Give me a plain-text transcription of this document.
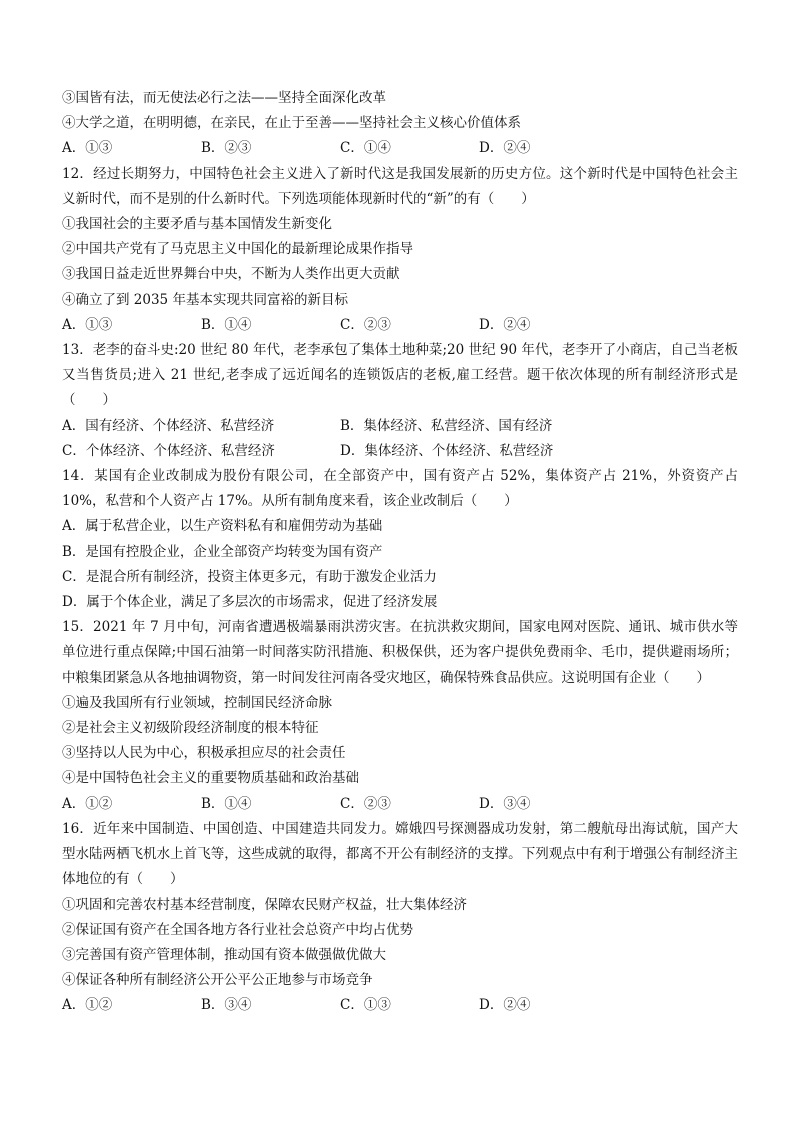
③国皆有法，而无使法必行之法——坚持全面深化改革
④大学之道，在明明德，在亲民，在止于至善——坚持社会主义核心价值体系
A．①③	B．②③	C．①④	D．②④
12．经过长期努力，中国特色社会主义进入了新时代这是我国发展新的历史方位。这个新时代是中国特色社会主义新时代，而不是别的什么新时代。下列选项能体现新时代的“新”的有（　　）
①我国社会的主要矛盾与基本国情发生新变化
②中国共产党有了马克思主义中国化的最新理论成果作指导
③我国日益走近世界舞台中央，不断为人类作出更大贡献
④确立了到 2035 年基本实现共同富裕的新目标
A．①③	B．①④	C．②③	D．②④
13．老李的奋斗史:20 世纪 80 年代，老李承包了集体土地种菜;20 世纪 90 年代，老李开了小商店，自己当老板又当售货员;进入 21 世纪,老李成了远近闻名的连锁饭店的老板,雇工经营。题干依次体现的所有制经济形式是（　　）
A．国有经济、个体经济、私营经济	B．集体经济、私营经济、国有经济
C．个体经济、个体经济、私营经济	D．集体经济、个体经济、私营经济
14．某国有企业改制成为股份有限公司，在全部资产中，国有资产占 52%，集体资产占 21%，外资资产占 10%，私营和个人资产占 17%。从所有制角度来看，该企业改制后（　　）
A．属于私营企业，以生产资料私有和雇佣劳动为基础
B．是国有控股企业，企业全部资产均转变为国有资产
C．是混合所有制经济，投资主体更多元，有助于激发企业活力
D．属于个体企业，满足了多层次的市场需求，促进了经济发展
15．2021 年 7 月中旬，河南省遭遇极端暴雨洪涝灾害。在抗洪救灾期间，国家电网对医院、通讯、城市供水等单位进行重点保障;中国石油第一时间落实防汛措施、积极保供，还为客户提供免费雨伞、毛巾，提供避雨场所；中粮集团紧急从各地抽调物资，第一时间发往河南各受灾地区，确保特殊食品供应。这说明国有企业（　　）
①遍及我国所有行业领域，控制国民经济命脉
②是社会主义初级阶段经济制度的根本特征
③坚持以人民为中心，积极承担应尽的社会责任
④是中国特色社会主义的重要物质基础和政治基础
A．①②	B．①④	C．②③	D．③④
16．近年来中国制造、中国创造、中国建造共同发力。嫦娥四号探测器成功发射，第二艘航母出海试航，国产大型水陆两栖飞机水上首飞等，这些成就的取得，都离不开公有制经济的支撑。下列观点中有利于增强公有制经济主体地位的有（　　）
①巩固和完善农村基本经营制度，保障农民财产权益，壮大集体经济
②保证国有资产在全国各地方各行业社会总资产中均占优势
③完善国有资产管理体制，推动国有资本做强做优做大
④保证各种所有制经济公开公平公正地参与市场竞争
A．①②	B．③④	C．①③	D．②④
